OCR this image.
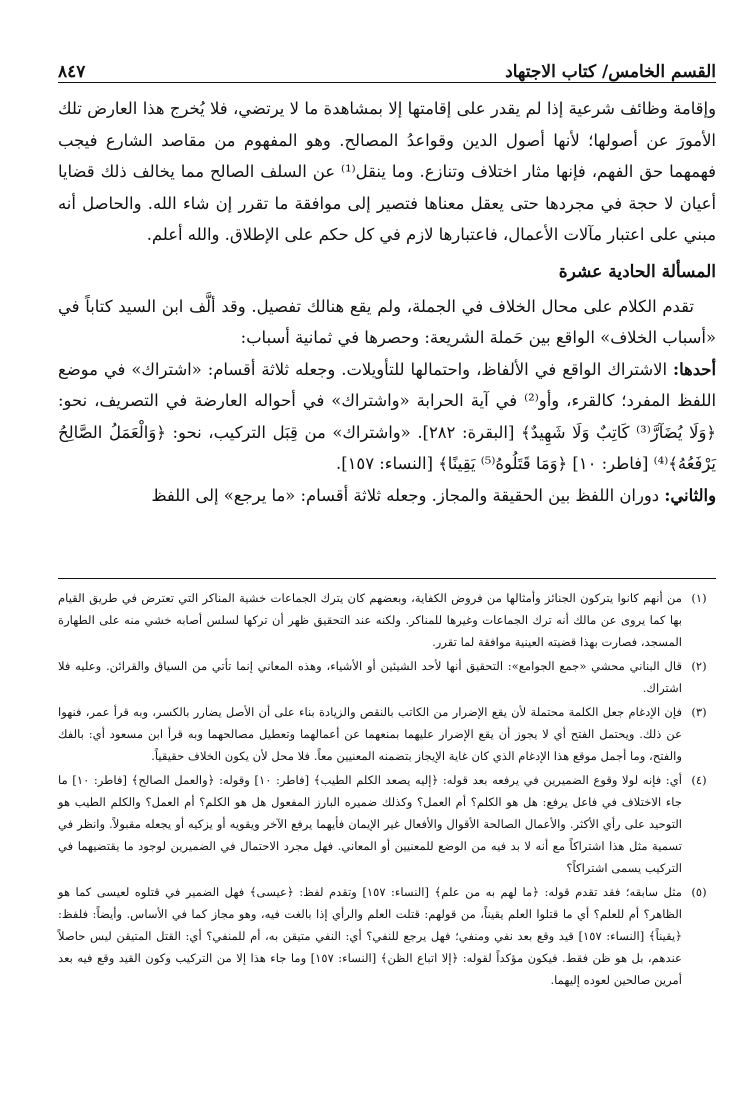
القسم الخامس/ كتاب الاجتهاد
٨٤٧

وإقامة وظائف شرعية إذا لم يقدر على إقامتها إلا بمشاهدة ما لا يرتضي، فلا يُخرج هذا العارض تلك الأمورَ عن أصولها؛ لأنها أصول الدين وقواعدُ المصالح. وهو المفهوم من مقاصد الشارع فيجب فهمهما حق الفهم، فإنها مثار اختلاف وتنازع. وما ينقل⁽¹⁾ عن السلف الصالح مما يخالف ذلك قضايا أعيان لا حجة في مجردها حتى يعقل معناها فتصير إلى موافقة ما تقرر إن شاء الله. والحاصل أنه مبني على اعتبار مآلات الأعمال، فاعتبارها لازم في كل حكم على الإطلاق. والله أعلم.

المسألة الحادية عشرة

تقدم الكلام على محال الخلاف في الجملة، ولم يقع هنالك تفصيل. وقد ألَّف ابن السيد كتاباً في «أسباب الخلاف» الواقع بين حَملة الشريعة: وحصرها في ثمانية أسباب:

أحدها: الاشتراك الواقع في الألفاظ، واحتمالها للتأويلات. وجعله ثلاثة أقسام: «اشتراك» في موضع اللفظ المفرد؛ كالقرء، وأو⁽²⁾ في آية الحرابة «واشتراك» في أحواله العارضة في التصريف، نحو: ﴿وَلَا يُضَآرَّ⁽³⁾ كَاتِبٌ وَلَا شَهِيدٌ﴾ [البقرة: ٢٨٢]. «واشتراك» من قِبَل التركيب، نحو: ﴿وَالْعَمَلُ الصَّالِحُ يَرْفَعُهُ﴾⁽⁴⁾ [فاطر: ١٠] ﴿وَمَا قَتَلُوهُ⁽⁵⁾ يَقِينًا﴾ [النساء: ١٥٧].

والثاني: دوران اللفظ بين الحقيقة والمجاز. وجعله ثلاثة أقسام: «ما يرجع» إلى اللفظ

(١)
من أنهم كانوا يتركون الجنائز وأمثالها من فروض الكفاية، وبعضهم كان يترك الجماعات خشية المناكر التي تعترض في طريق القيام بها كما يروى عن مالك أنه ترك الجماعات وغيرها للمناكر. ولكنه عند التحقيق ظهر أن تركها لسلس أصابه خشي منه على الطهارة المسجد، فصارت بهذا قضيته العينية موافقة لما تقرر.
(٢)
قال البناني محشي «جمع الجوامع»: التحقيق أنها لأحد الشيئين أو الأشياء، وهذه المعاني إنما تأتي من السياق والقرائن. وعليه فلا اشتراك.
(٣)
فإن الإدغام جعل الكلمة محتملة لأن يقع الإضرار من الكاتب بالنقص والزيادة بناء على أن الأصل يضارر بالكسر، وبه قرأ عمر، فنهوا عن ذلك. ويحتمل الفتح أي لا يجوز أن يقع الإضرار عليهما بمنعهما عن أعمالهما وتعطيل مصالحهما وبه قرأ ابن مسعود أي: بالفك والفتح، وما أجمل موقع هذا الإدغام الذي كان غاية الإيجاز بتضمنه المعنيين معاً. فلا محل لأن يكون الخلاف حقيقياً.
(٤)
أي: فإنه لولا وقوع الضميرين في يرفعه بعد قوله: ﴿إليه يصعد الكلم الطيب﴾ [فاطر: ١٠] وقوله: ﴿والعمل الصالح﴾ [فاطر: ١٠] ما جاء الاختلاف في فاعل يرفع: هل هو الكلم؟ أم العمل؟ وكذلك ضميره البارز المفعول هل هو الكلم؟ أم العمل؟ والكلم الطيب هو التوحيد على رأي الأكثر. والأعمال الصالحة الأقوال والأفعال غير الإيمان فأيهما يرفع الآخر ويقويه أو يزكيه أو يجعله مقبولاً. وانظر في تسمية مثل هذا اشتراكاً مع أنه لا بد فيه من الوضع للمعنيين أو المعاني. فهل مجرد الاحتمال في الضميرين لوجود ما يقتضيهما في التركيب يسمى اشتراكاً؟
(٥)
مثل سابقه؛ فقد تقدم قوله: ﴿ما لهم به من علم﴾ [النساء: ١٥٧] وتقدم لفظ: ﴿عيسى﴾ فهل الضمير في قتلوه لعيسى كما هو الظاهر؟ أم للعلم؟ أي ما قتلوا العلم يقيناً، من قولهم: قتلت العلم والرأي إذا بالغت فيه، وهو مجاز كما في الأساس. وأيضاً: فلفظ: ﴿يقيناً﴾ [النساء: ١٥٧] قيد وقع بعد نفي ومنفي؛ فهل يرجع للنفي؟ أي: النفي متيقن به، أم للمنفي؟ أي: القتل المتيقن ليس حاصلاً عندهم، بل هو ظن فقط. فيكون مؤكداً لقوله: ﴿إلا اتباع الظن﴾ [النساء: ١٥٧] وما جاء هذا إلا من التركيب وكون القيد وقع فيه بعد أمرين صالحين لعوده إليهما.
